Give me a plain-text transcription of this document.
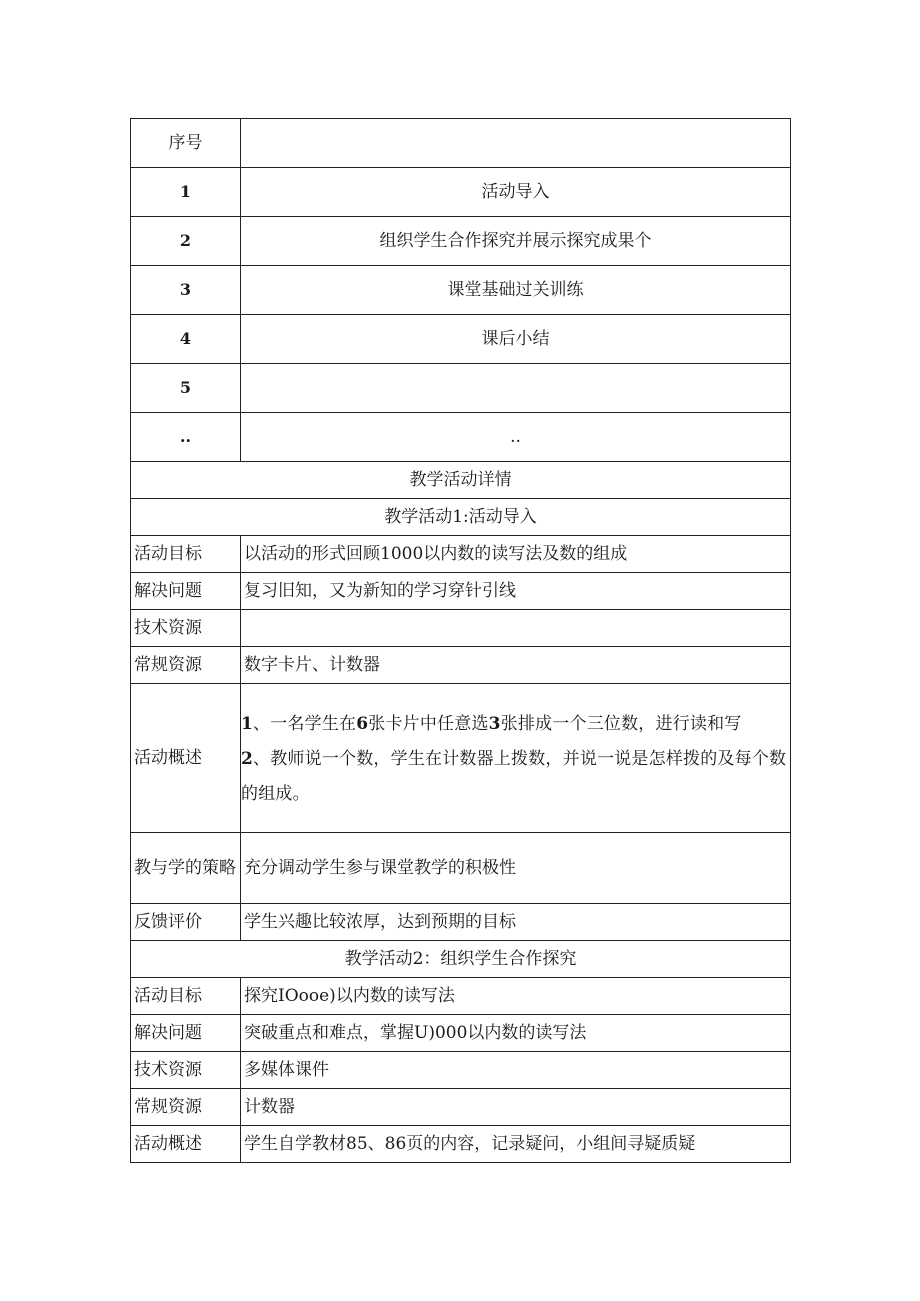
序号	
1	活动导入
2	组织学生合作探究并展示探究成果个
3	课堂基础过关训练
4	课后小结
5	
..	..
教学活动详情	
教学活动1:活动导入	
活动目标	以活动的形式回顾1000以内数的读写法及数的组成
解决问题	复习旧知，又为新知的学习穿针引线
技术资源	
常规资源	数字卡片、计数器
活动概述	1、一名学生在6张卡片中任意选3张排成一个三位数，进行读和写
2、教师说一个数，学生在计数器上拨数，并说一说是怎样拨的及每个数的组成。

教与学的策略	充分调动学生参与课堂教学的积极性
反馈评价	学生兴趣比较浓厚，达到预期的目标
教学活动2：组织学生合作探究	
活动目标	探究IOooe)以内数的读写法
解决问题	突破重点和难点，掌握U)000以内数的读写法
技术资源	多媒体课件
常规资源	计数器
活动概述	学生自学教材85、86页的内容，记录疑问，小组间寻疑质疑
